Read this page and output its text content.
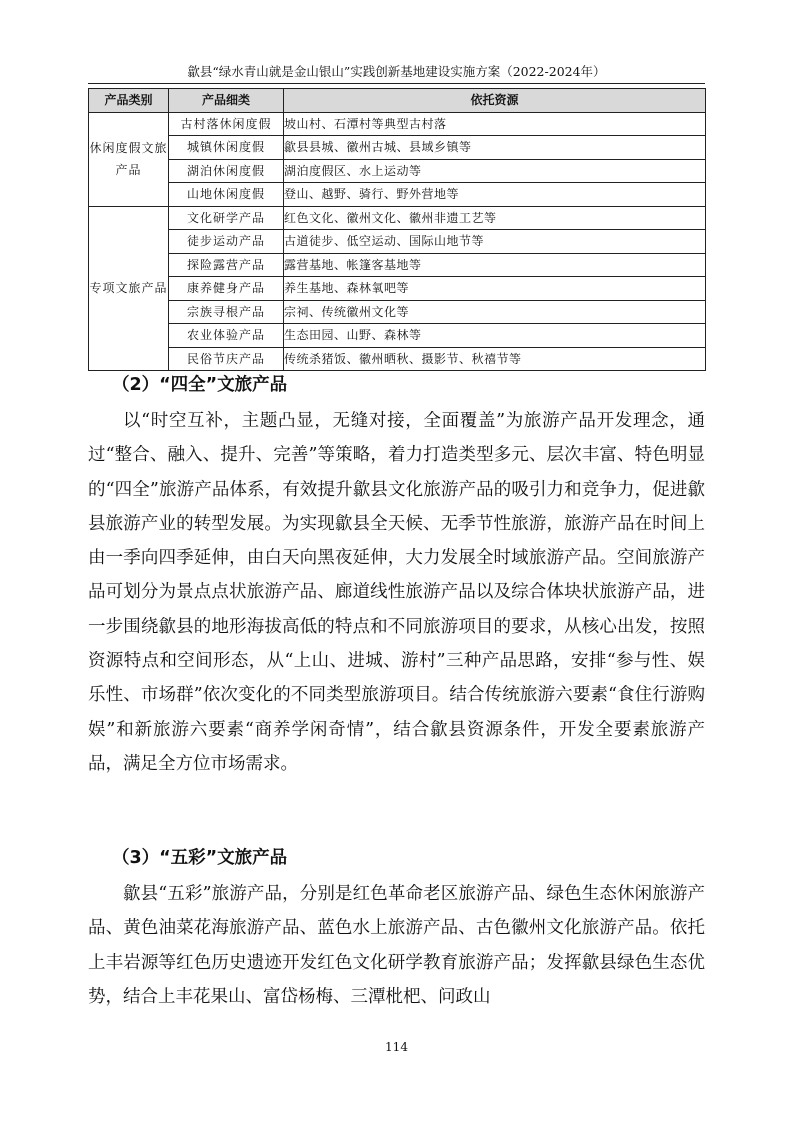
歙县“绿水青山就是金山银山”实践创新基地建设实施方案（2022-2024年）
产品类别	产品细类	依托资源
休闲度假文旅产品	古村落休闲度假	坡山村、石潭村等典型古村落
	城镇休闲度假	歙县县城、徽州古城、县域乡镇等
	湖泊休闲度假	湖泊度假区、水上运动等
	山地休闲度假	登山、越野、骑行、野外营地等
专项文旅产品	文化研学产品	红色文化、徽州文化、徽州非遗工艺等
	徒步运动产品	古道徒步、低空运动、国际山地节等
	探险露营产品	露营基地、帐篷客基地等
	康养健身产品	养生基地、森林氧吧等
	宗族寻根产品	宗祠、传统徽州文化等
	农业体验产品	生态田园、山野、森林等
	民俗节庆产品	传统杀猪饭、徽州晒秋、摄影节、秋禧节等
（2）“四全”文旅产品

以“时空互补，主题凸显，无缝对接，全面覆盖”为旅游产品开发理念，通过“整合、融入、提升、完善”等策略，着力打造类型多元、层次丰富、特色明显的“四全”旅游产品体系，有效提升歙县文化旅游产品的吸引力和竞争力，促进歙县旅游产业的转型发展。为实现歙县全天候、无季节性旅游，旅游产品在时间上由一季向四季延伸，由白天向黑夜延伸，大力发展全时域旅游产品。空间旅游产品可划分为景点点状旅游产品、廊道线性旅游产品以及综合体块状旅游产品，进一步围绕歙县的地形海拔高低的特点和不同旅游项目的要求，从核心出发，按照资源特点和空间形态，从“上山、进城、游村”三种产品思路，安排“参与性、娱乐性、市场群”依次变化的不同类型旅游项目。结合传统旅游六要素“食住行游购娱”和新旅游六要素“商养学闲奇情”，结合歙县资源条件，开发全要素旅游产品，满足全方位市场需求。

（3）“五彩”文旅产品

歙县“五彩”旅游产品，分别是红色革命老区旅游产品、绿色生态休闲旅游产品、黄色油菜花海旅游产品、蓝色水上旅游产品、古色徽州文化旅游产品。依托上丰岩源等红色历史遗迹开发红色文化研学教育旅游产品；发挥歙县绿色生态优势，结合上丰花果山、富岱杨梅、三潭枇杷、问政山

114
